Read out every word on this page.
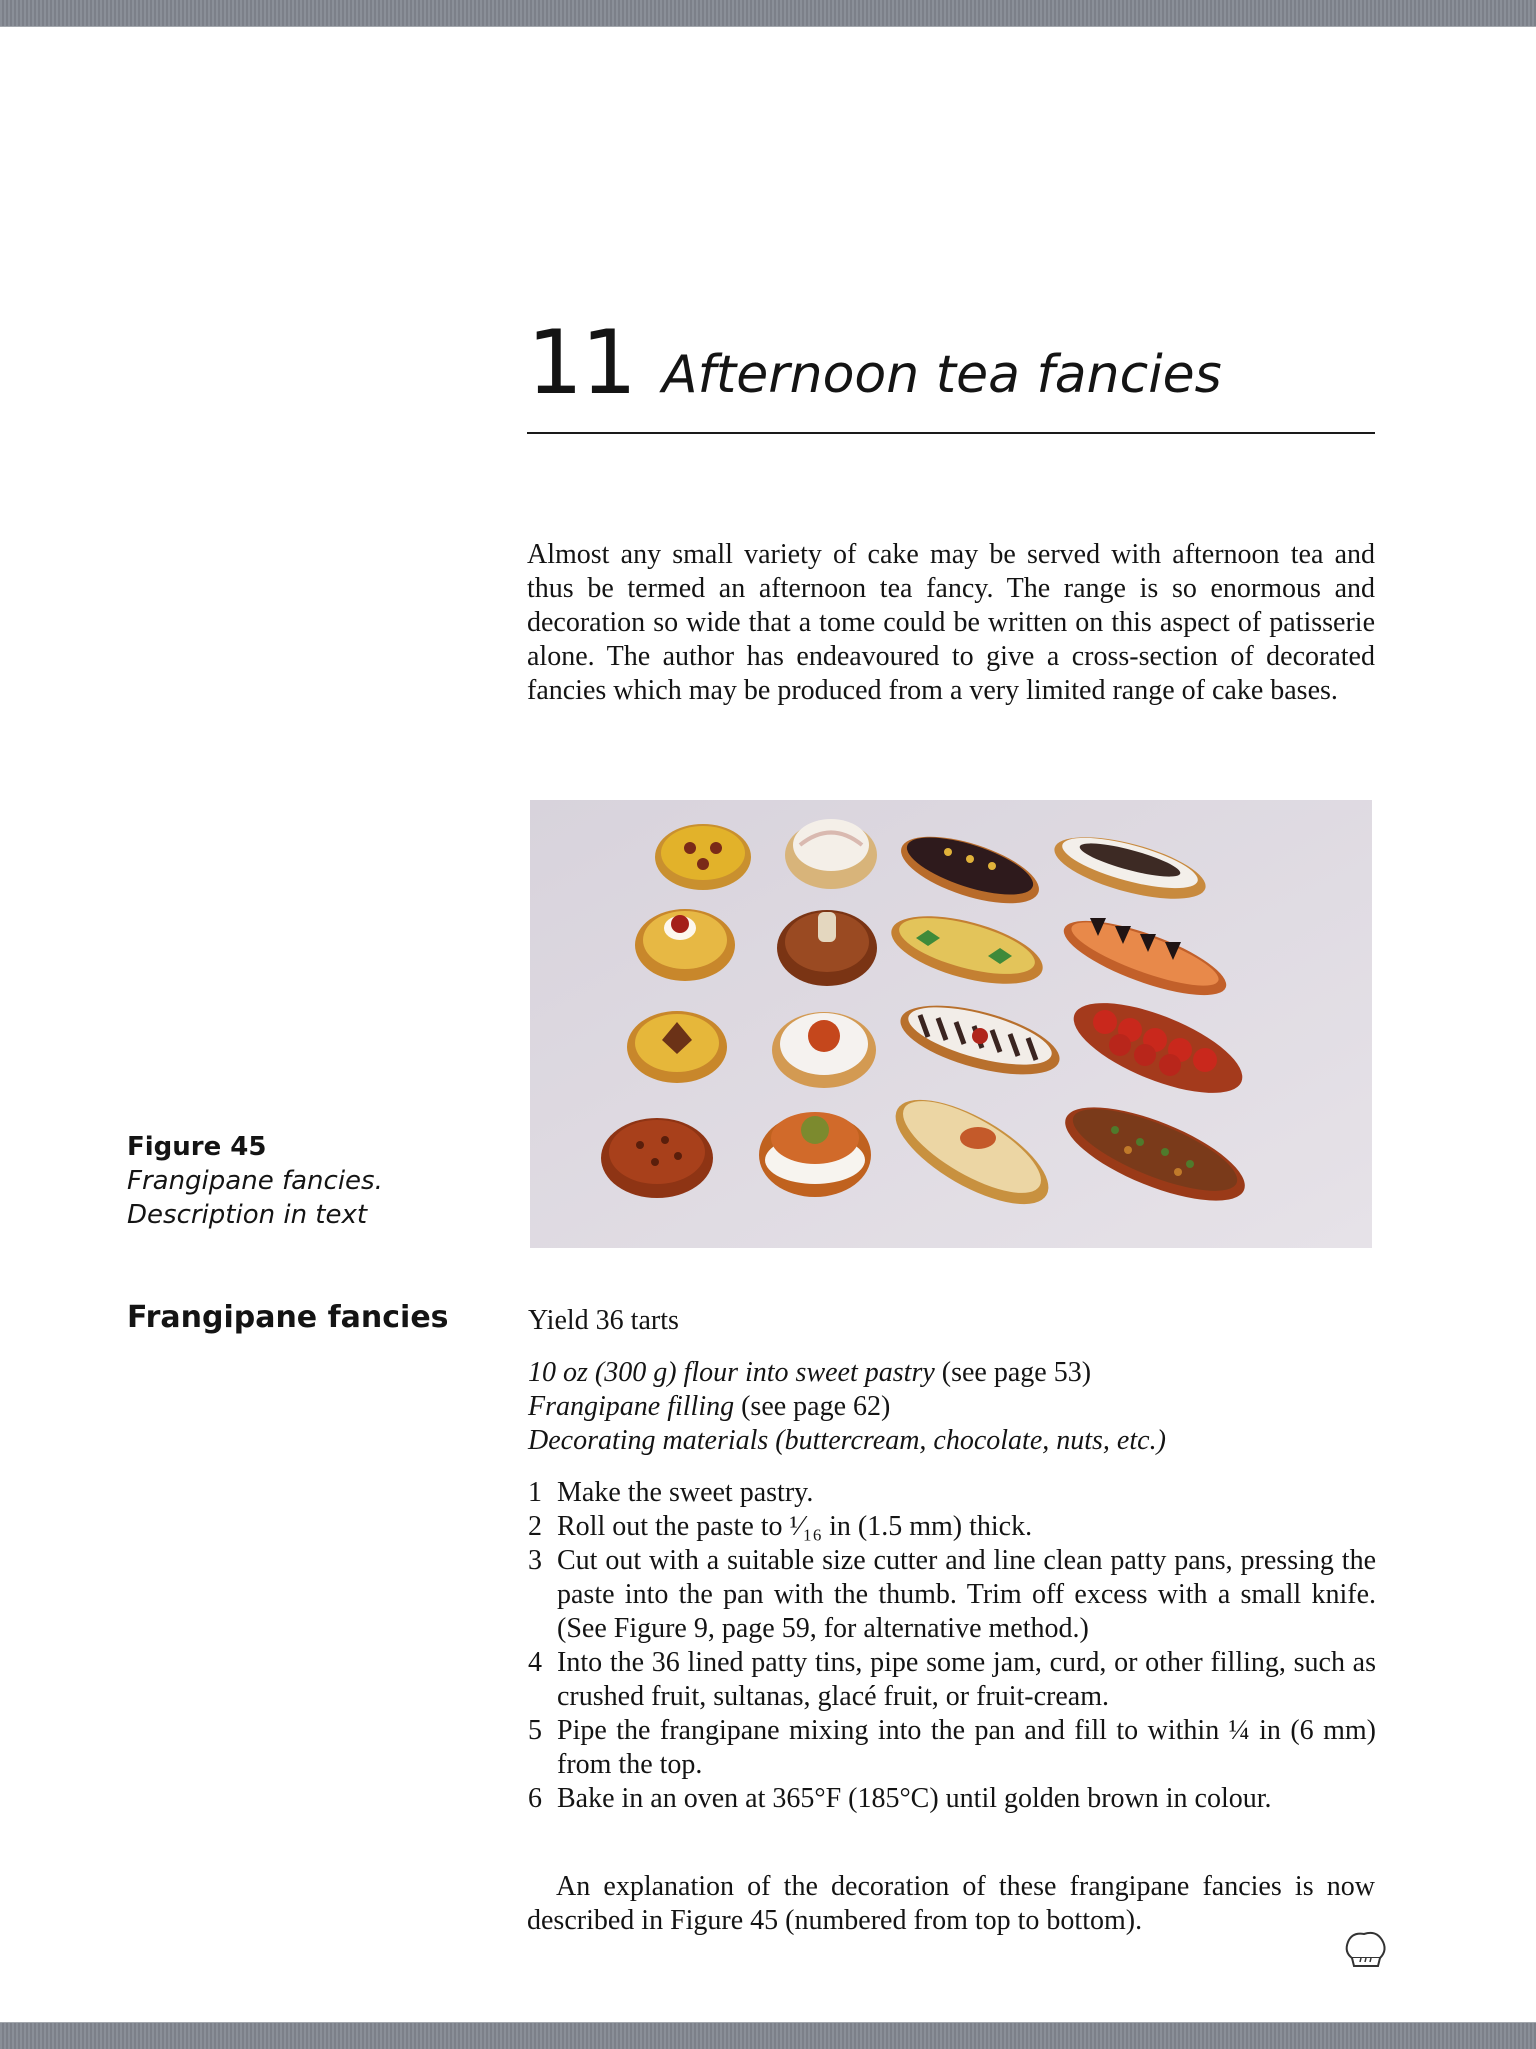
11 Afternoon tea fancies

Almost any small variety of cake may be served with afternoon tea and thus be termed an afternoon tea fancy. The range is so enormous and decoration so wide that a tome could be written on this aspect of patisserie alone. The author has endeavoured to give a cross-section of decorated fancies which may be produced from a very limited range of cake bases.

Figure 45   Frangipane fancies. Description in text
Frangipane fancies	Yield 36 tarts
10 oz (300 g) flour into sweet pastry (see page 53)
Frangipane filling (see page 62)
Decorating materials (buttercream, chocolate, nuts, etc.)
1 Make the sweet pastry.
2 Roll out the paste to ¹⁄₁₆ in (1.5 mm) thick.
3 Cut out with a suitable size cutter and line clean patty pans, pressing the paste into the pan with the thumb. Trim off excess with a small knife. (See Figure 9, page 59, for alternative method.)
4 Into the 36 lined patty tins, pipe some jam, curd, or other filling, such as crushed fruit, sultanas, glacé fruit, or fruit-cream.
5 Pipe the frangipane mixing into the pan and fill to within ¼ in (6 mm) from the top.
6 Bake in an oven at 365°F (185°C) until golden brown in colour.

An explanation of the decoration of these frangipane fancies is now described in Figure 45 (numbered from top to bottom).
